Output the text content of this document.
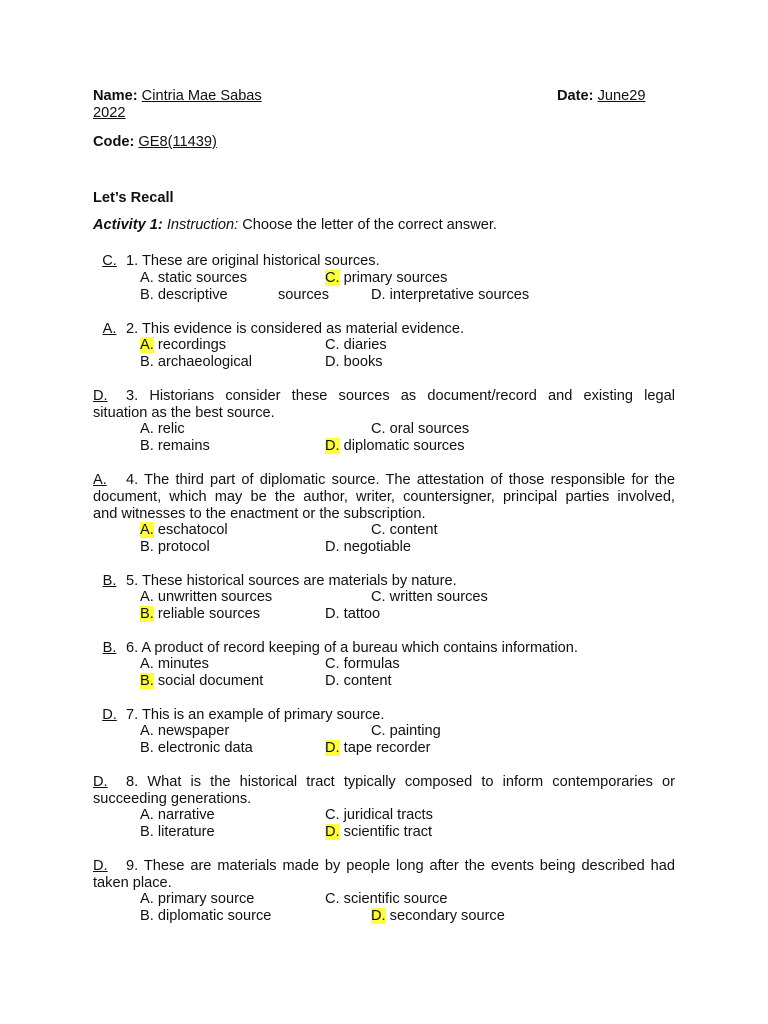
Name: Cintria Mae Sabas	Date: June29
2022
Code: GE8(11439)
Let’s Recall
Activity 1: Instruction: Choose the letter of the correct answer.
C. 1. These are original historical sources.
A. static sources	C. primary sources
B. descriptive	sources	D. interpretative sources
A. 2. This evidence is considered as material evidence.
A. recordings	C. diaries
B. archaeological	D. books
D. 3. Historians consider these sources as document/record and existing legal
situation as the best source.
A. relic	C. oral sources
B. remains	D. diplomatic sources
A. 4. The third part of diplomatic source. The attestation of those responsible for the
document, which may be the author, writer, countersigner, principal parties involved,
and witnesses to the enactment or the subscription.
A. eschatocol	C. content
B. protocol	D. negotiable
B. 5. These historical sources are materials by nature.
A. unwritten sources	C. written sources
B. reliable sources	D. tattoo
B. 6. A product of record keeping of a bureau which contains information.
A. minutes	C. formulas
B. social document	D. content
D. 7. This is an example of primary source.
A. newspaper	C. painting
B. electronic data	D. tape recorder
D. 8. What is the historical tract typically composed to inform contemporaries or
succeeding generations.
A. narrative	C. juridical tracts
B. literature	D. scientific tract
D. 9. These are materials made by people long after the events being described had
taken place.
A. primary source	C. scientific source
B. diplomatic source	D. secondary source
